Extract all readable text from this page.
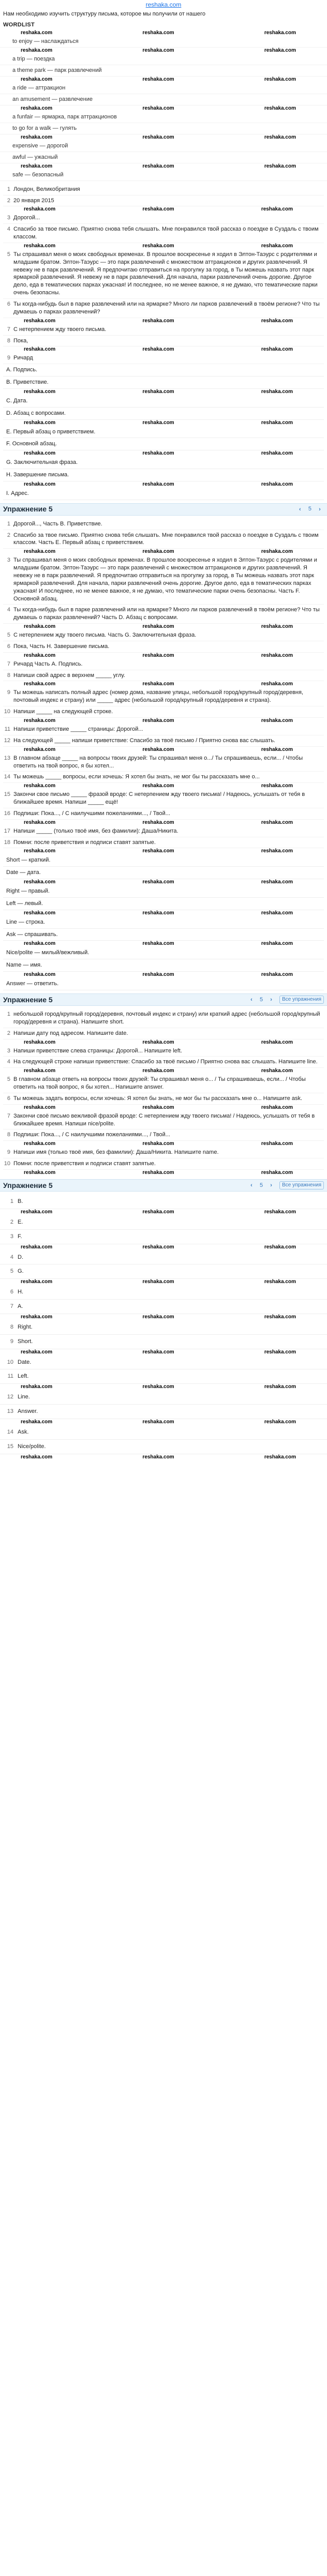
reshaka.com
Нам необходимо изучить структуру письма, которое мы получили от нашего
WORDLIST
reshaka.com	reshaka.com	reshaka.com
to enjoy — наслаждаться
reshaka.com	reshaka.com	reshaka.com
a trip — поездка
a theme park — парк развлечений
reshaka.com	reshaka.com	reshaka.com
a ride — аттракцион
an amusement — развлечение
reshaka.com	reshaka.com	reshaka.com
a funfair — ярмарка, парк аттракционов
to go for a walk — гулять
reshaka.com	reshaka.com	reshaka.com
expensive — дорогой
awful — ужасный
reshaka.com	reshaka.com	reshaka.com
safe — безопасный
1 Лондон, Великобритания
2 20 января 2015
reshaka.com	reshaka.com	reshaka.com
3 Дорогой...
4 Спасибо за твое письмо. Приятно снова тебя слышать. Мне понравился твой рассказ о поездке в Суздаль с твоим классом.
reshaka.com	reshaka.com	reshaka.com
5 Ты спрашивал меня о моих свободных временах. В прошлое воскресенье я ходил в Элтон-Таэурс с родителями и младшим братом. Элтон-Таэурс — это парк развлечений с множеством аттракционов и других развлечений. Я невежу не в парк развлечений. Я предпочитаю отправиться на прогулку за город, в Ты можешь назвать этот парк ярмаркой развлечений. Я невежу не в парк развлечений. Для начала, парки развлечений очень дорогие. Другое дело, еда в тематических парках ужасная! И последнее, но не менее важное, я не думаю, что тематические парки очень безопасны.
6 Ты когда-нибудь был в парке развлечений или на ярмарке? Много ли парков развлечений в твоём регионе? Что ты думаешь о парках развлечений?
reshaka.com	reshaka.com	reshaka.com
7 С нетерпением жду твоего письма.
8 Пока,
reshaka.com	reshaka.com	reshaka.com
9 Ричард
A. Подпись.
B. Приветствие.
reshaka.com	reshaka.com	reshaka.com
C. Дата.
D. Абзац с вопросами.
reshaka.com	reshaka.com	reshaka.com
E. Первый абзац о приветствием.
F. Основной абзац.
reshaka.com	reshaka.com	reshaka.com
G. Заключительная фраза.
H. Завершение письма.
reshaka.com	reshaka.com	reshaka.com
I. Адрес.
Упражнение 5	‹	5	›
1 Дорогой..., Часть B. Приветствие.
2 Спасибо за твое письмо. Приятно снова тебя слышать. Мне понравился твой рассказ о поездке в Суздаль с твоим классом. Часть E. Первый абзац с приветствием.
reshaka.com	reshaka.com	reshaka.com
3 Ты спрашивал меня о моих свободных временах. В прошлое воскресенье я ходил в Элтон-Таэурс с родителями и младшим братом. Элтон-Таэурс — это парк развлечений с множеством аттракционов и других развлечений. Я невежу не в парк развлечений. Я предпочитаю отправиться на прогулку за город, в Ты можешь назвать этот парк ярмаркой развлечений. Для начала, парки развлечений очень дорогие. Другое дело, еда в тематических парках ужасная! И последнее, но не менее важное, я не думаю, что тематические парки очень безопасны. Часть F. Основной абзац.
4 Ты когда-нибудь был в парке развлечений или на ярмарке? Много ли парков развлечений в твоём регионе? Что ты думаешь о парках развлечений? Часть D. Абзац с вопросами.
reshaka.com	reshaka.com	reshaka.com
5 С нетерпением жду твоего письма. Часть G. Заключительная фраза.
6 Пока, Часть H. Завершение письма.
reshaka.com	reshaka.com	reshaka.com
7 Ричард Часть A. Подпись.
8 Напиши свой адрес в верхнем _____ углу.
reshaka.com	reshaka.com	reshaka.com
9 Ты можешь написать полный адрес (номер дома, название улицы, небольшой город/крупный город/деревня, почтовый индекс и страну) или _____ адрес (небольшой город/крупный город/деревня и страна).
10 Напиши _____ на следующей строке.
reshaka.com	reshaka.com	reshaka.com
11 Напиши приветствие _____ страницы: Дорогой...
12 На следующей _____ напиши приветствие: Спасибо за твоё письмо / Приятно снова вас слышать.
reshaka.com	reshaka.com	reshaka.com
13 В главном абзаце _____ на вопросы твоих друзей: Ты спрашивал меня о.../ Ты спрашиваешь, если... / Чтобы ответить на твой вопрос, я бы хотел...
14 Ты можешь _____ вопросы, если хочешь: Я хотел бы знать, не мог бы ты рассказать мне о...
reshaka.com	reshaka.com	reshaka.com
15 Закончи свое письмо _____ фразой вроде: С нетерпением жду твоего письма! / Надеюсь, услышать от тебя в ближайшее время. Напиши _____ ещё!
16 Подпиши: Пока..., / С наилучшими пожеланиями..., / Твой...
reshaka.com	reshaka.com	reshaka.com
17 Напиши _____ (только твоё имя, без фамилии): Даша/Никита.
18 Помни: после приветствия и подписи ставят запятые.
reshaka.com	reshaka.com	reshaka.com
Short — краткий.
Date — дата.
reshaka.com	reshaka.com	reshaka.com
Right — правый.
Left — левый.
reshaka.com	reshaka.com	reshaka.com
Line — строка.
Ask — спрашивать.
reshaka.com	reshaka.com	reshaka.com
Nice/polite — милый/вежливый.
Name — имя.
reshaka.com	reshaka.com	reshaka.com
Answer — ответить.
Упражнение 5	‹	5	›	Все упражнения
1 небольшой город/крупный город/деревня, почтовый индекс и страну) или краткий адрес (небольшой город/крупный город/деревня и страна). Напишите short.
2 Напиши дату под адресом. Напишите date.
reshaka.com	reshaka.com	reshaka.com
3 Напиши приветствие слева страницы: Дорогой... Напишите left.
4 На следующей строке напиши приветствие: Спасибо за твоё письмо / Приятно снова вас слышать. Напишите line.
reshaka.com	reshaka.com	reshaka.com
5 В главном абзаце ответь на вопросы твоих друзей: Ты спрашивал меня о... / Ты спрашиваешь, если... / Чтобы ответить на твой вопрос, я бы хотел... Напишите answer.
6 Ты можешь задать вопросы, если хочешь: Я хотел бы знать, не мог бы ты рассказать мне о... Напишите ask.
reshaka.com	reshaka.com	reshaka.com
7 Закончи своё письмо вежливой фразой вроде: С нетерпением жду твоего письма! / Надеюсь, услышать от тебя в ближайшее время. Напиши nice/polite.
8 Подпиши: Пока..., / С наилучшими пожеланиями..., / Твой...
reshaka.com	reshaka.com	reshaka.com
9 Напиши имя (только твоё имя, без фамилии): Даша/Никита. Напишите name.
10 Помни: после приветствия и подписи ставят запятые.
reshaka.com	reshaka.com	reshaka.com
Упражнение 5	‹	5	›	Все упражнения
1 B.
reshaka.com	reshaka.com	reshaka.com
2 E.
3 F.
reshaka.com	reshaka.com	reshaka.com
4 D.
5 G.
reshaka.com	reshaka.com	reshaka.com
6 H.
7 A.
reshaka.com	reshaka.com	reshaka.com
8 Right.
9 Short.
reshaka.com	reshaka.com	reshaka.com
10 Date.
11 Left.
reshaka.com	reshaka.com	reshaka.com
12 Line.
13 Answer.
reshaka.com	reshaka.com	reshaka.com
14 Ask.
15 Nice/polite.
reshaka.com	reshaka.com	reshaka.com
